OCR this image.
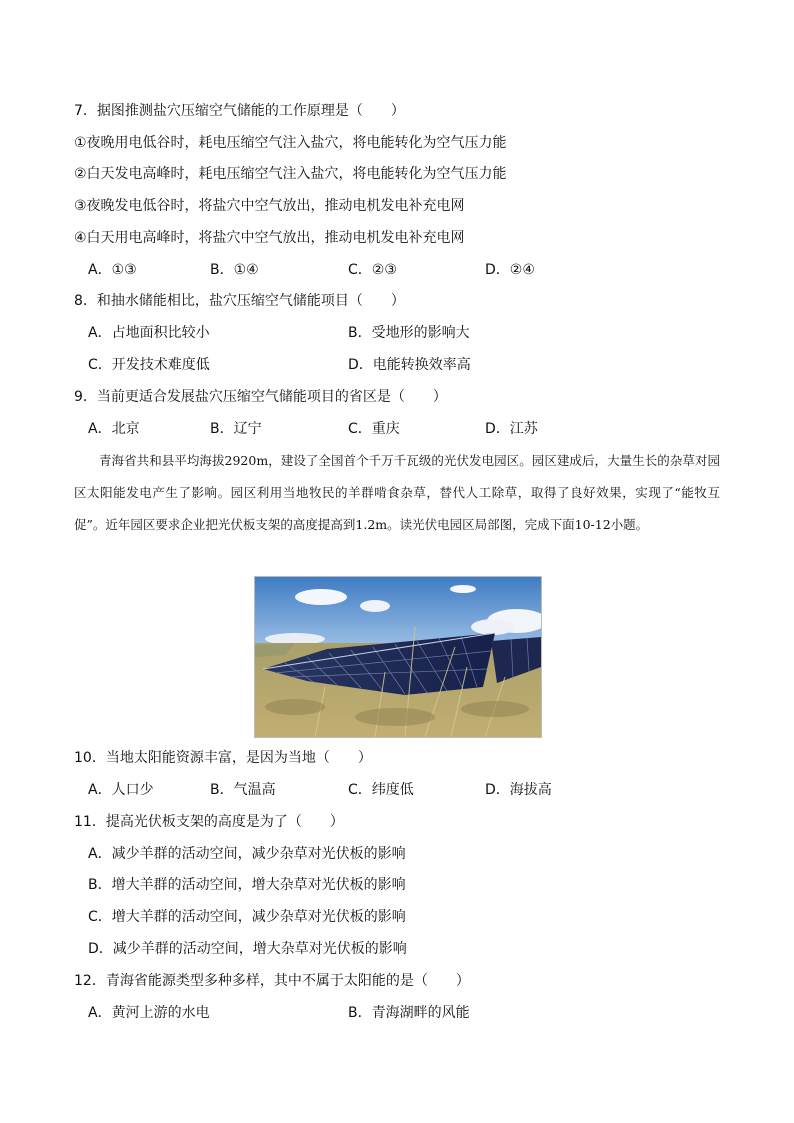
7．据图推测盐穴压缩空气储能的工作原理是（　　）
①夜晚用电低谷时，耗电压缩空气注入盐穴，将电能转化为空气压力能
②白天发电高峰时，耗电压缩空气注入盐穴，将电能转化为空气压力能
③夜晚发电低谷时，将盐穴中空气放出，推动电机发电补充电网
④白天用电高峰时，将盐穴中空气放出，推动电机发电补充电网
A．①③	B．①④	C．②③	D．②④
8．和抽水储能相比，盐穴压缩空气储能项目（　　）
A．占地面积比较小	B．受地形的影响大
C．开发技术难度低	D．电能转换效率高
9．当前更适合发展盐穴压缩空气储能项目的省区是（　　）
A．北京	B．辽宁	C．重庆	D．江苏
青海省共和县平均海拔2920m，建设了全国首个千万千瓦级的光伏发电园区。园区建成后，大量生长的杂草对园区太阳能发电产生了影响。园区利用当地牧民的羊群啃食杂草，替代人工除草，取得了良好效果，实现了“能牧互促”。近年园区要求企业把光伏板支架的高度提高到1.2m。读光伏电园区局部图，完成下面10-12小题。
10．当地太阳能资源丰富，是因为当地（　　）
A．人口少	B．气温高	C．纬度低	D．海拔高
11．提高光伏板支架的高度是为了（　　）
A．减少羊群的活动空间，减少杂草对光伏板的影响
B．增大羊群的活动空间，增大杂草对光伏板的影响
C．增大羊群的活动空间，减少杂草对光伏板的影响
D．减少羊群的活动空间，增大杂草对光伏板的影响
12．青海省能源类型多种多样，其中不属于太阳能的是（　　）
A．黄河上游的水电	B．青海湖畔的风能
